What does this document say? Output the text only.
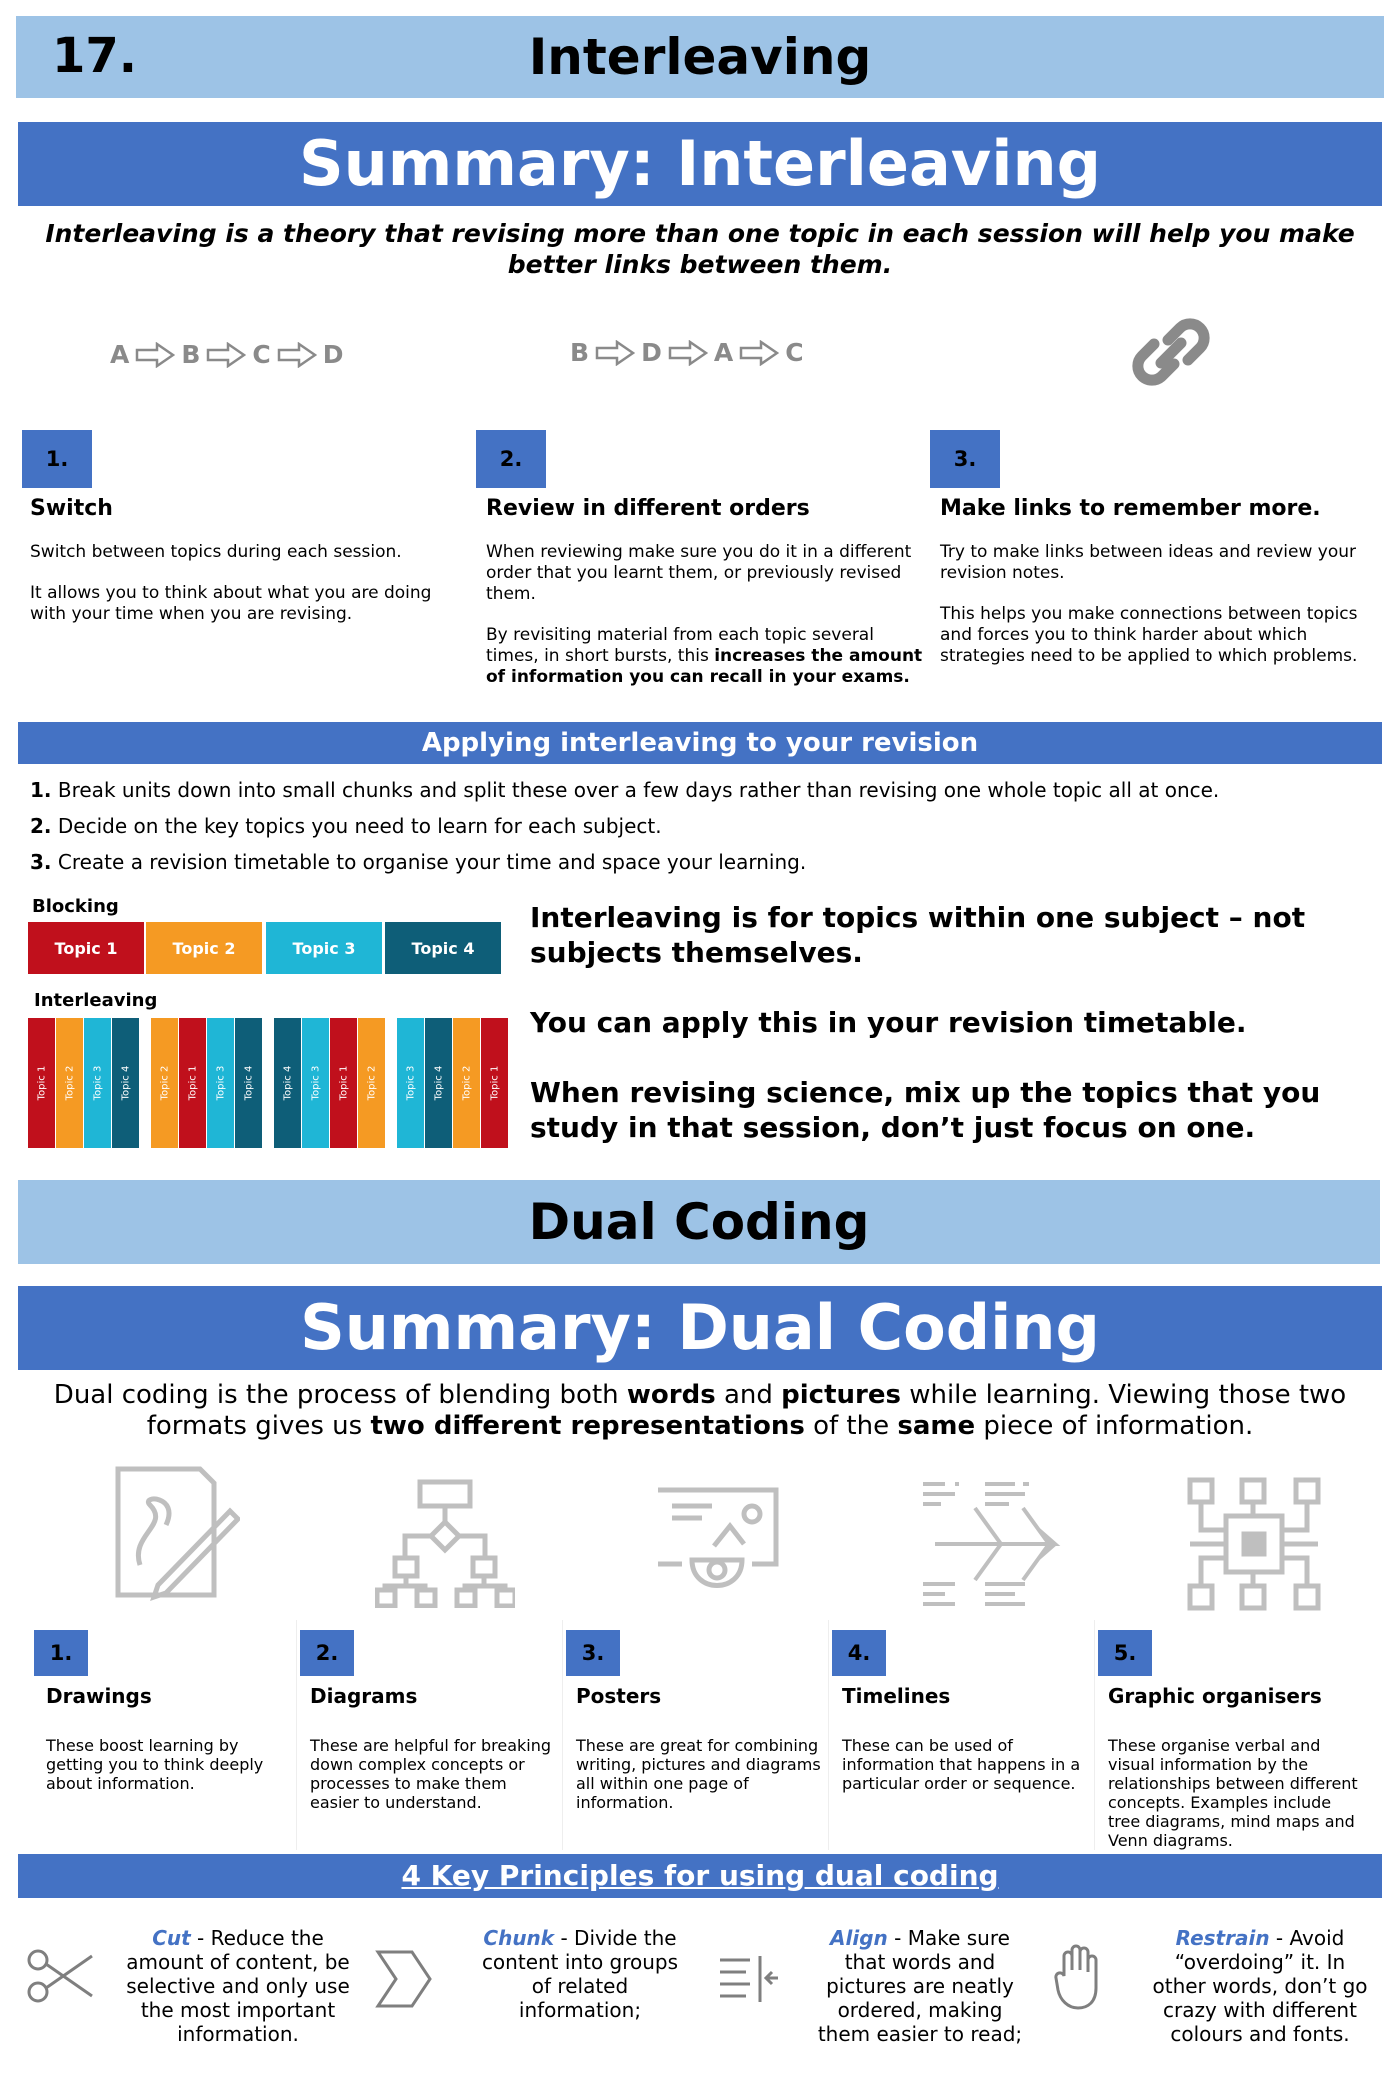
17.	Interleaving
Summary: Interleaving
Interleaving is a theory that revising more than one topic in each session will help you make better links between them.
A B C D	B D A C
1.
Switch

Switch between topics during each session.

It allows you to think about what you are doing with your time when you are revising.

2.
Review in different orders

When reviewing make sure you do it in a different order that you learnt them, or previously revised them.

By revisiting material from each topic several times, in short bursts, this increases the amount of information you can recall in your exams.

3.
Make links to remember more.

Try to make links between ideas and review your revision notes.

This helps you make connections between topics and forces you to think harder about which strategies need to be applied to which problems.

Applying interleaving to your revision
1. Break units down into small chunks and split these over a few days rather than revising one whole topic all at once.
2. Decide on the key topics you need to learn for each subject.
3. Create a revision timetable to organise your time and space your learning.
Blocking
Topic 1	Topic 2	Topic 3	Topic 4
Interleaving
Topic 1 Topic 2 Topic 3 Topic 4	Topic 2 Topic 1 Topic 3 Topic 4	Topic 4 Topic 3 Topic 1 Topic 2	Topic 3 Topic 4 Topic 2 Topic 1

Interleaving is for topics within one subject – not subjects themselves.

You can apply this in your revision timetable.

When revising science, mix up the topics that you study in that session, don’t just focus on one.

Dual Coding
Summary: Dual Coding
Dual coding is the process of blending both words and pictures while learning. Viewing those two formats gives us two different representations of the same piece of information.
1.
Drawings
These boost learning by getting you to think deeply about information.
2.
Diagrams
These are helpful for breaking down complex concepts or processes to make them easier to understand.
3.
Posters
These are great for combining writing, pictures and diagrams all within one page of information.
4.
Timelines
These can be used of information that happens in a particular order or sequence.
5.
Graphic organisers
These organise verbal and visual information by the relationships between different concepts. Examples include tree diagrams, mind maps and Venn diagrams.
4 Key Principles for using dual coding
Cut - Reduce the amount of content, be selective and only use the most important information.
Chunk - Divide the content into groups of related information;
Align - Make sure that words and pictures are neatly ordered, making them easier to read;
Restrain - Avoid “overdoing” it. In other words, don’t go crazy with different colours and fonts.
